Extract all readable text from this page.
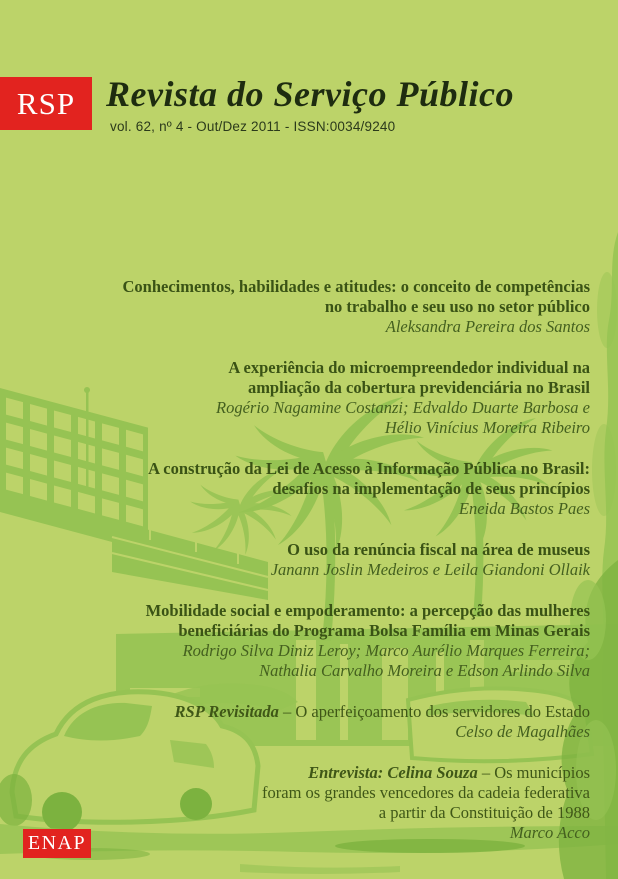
RSP Revista do Serviço Público
vol. 62, nº 4 - Out/Dez 2011 - ISSN:0034/9240
Conhecimentos, habilidades e atitudes: o conceito de competências
no trabalho e seu uso no setor público
Aleksandra Pereira dos Santos
A experiência do microempreendedor individual na
ampliação da cobertura previdenciária no Brasil
Rogério Nagamine Costanzi; Edvaldo Duarte Barbosa e
Hélio Vinícius Moreira Ribeiro
A construção da Lei de Acesso à Informação Pública no Brasil:
desafios na implementação de seus princípios
Eneida Bastos Paes
O uso da renúncia fiscal na área de museus
Janann Joslin Medeiros e Leila Giandoni Ollaik
Mobilidade social e empoderamento: a percepção das mulheres
beneficiárias do Programa Bolsa Família em Minas Gerais
Rodrigo Silva Diniz Leroy; Marco Aurélio Marques Ferreira;
Nathalia Carvalho Moreira e Edson Arlindo Silva
RSP Revisitada – O aperfeiçoamento dos servidores do Estado
Celso de Magalhães
Entrevista: Celina Souza – Os municípios
foram os grandes vencedores da cadeia federativa
a partir da Constituição de 1988
Marco Acco
ENAP
